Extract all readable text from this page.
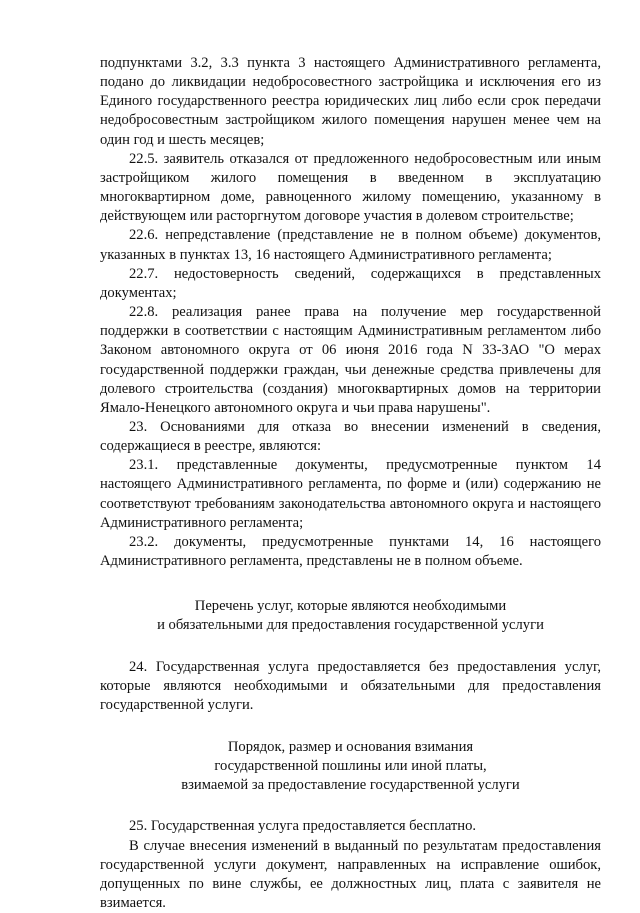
подпунктами 3.2, 3.3 пункта 3 настоящего Административного регламента, подано до ликвидации недобросовестного застройщика и исключения его из Единого государственного реестра юридических лиц либо если срок передачи недобросовестным застройщиком жилого помещения нарушен менее чем на один год и шесть месяцев;

22.5. заявитель отказался от предложенного недобросовестным или иным застройщиком жилого помещения в введенном в эксплуатацию многоквартирном доме, равноценного жилому помещению, указанному в действующем или расторгнутом договоре участия в долевом строительстве;

22.6. непредставление (представление не в полном объеме) документов, указанных в пунктах 13, 16 настоящего Административного регламента;

22.7. недостоверность сведений, содержащихся в представленных документах;

22.8. реализация ранее права на получение мер государственной поддержки в соответствии с настоящим Административным регламентом либо Законом автономного округа от 06 июня 2016 года N 33-ЗАО "О мерах государственной поддержки граждан, чьи денежные средства привлечены для долевого строительства (создания) многоквартирных домов на территории Ямало-Ненецкого автономного округа и чьи права нарушены".

23. Основаниями для отказа во внесении изменений в сведения, содержащиеся в реестре, являются:

23.1. представленные документы, предусмотренные пунктом 14 настоящего Административного регламента, по форме и (или) содержанию не соответствуют требованиям законодательства автономного округа и настоящего Административного регламента;

23.2. документы, предусмотренные пунктами 14, 16 настоящего Административного регламента, представлены не в полном объеме.

Перечень услуг, которые являются необходимыми
и обязательными для предоставления государственной услуги

24. Государственная услуга предоставляется без предоставления услуг, которые являются необходимыми и обязательными для предоставления государственной услуги.

Порядок, размер и основания взимания
государственной пошлины или иной платы,
взимаемой за предоставление государственной услуги

25. Государственная услуга предоставляется бесплатно.

В случае внесения изменений в выданный по результатам предоставления государственной услуги документ, направленных на исправление ошибок, допущенных по вине службы, ее должностных лиц, плата с заявителя не взимается.
